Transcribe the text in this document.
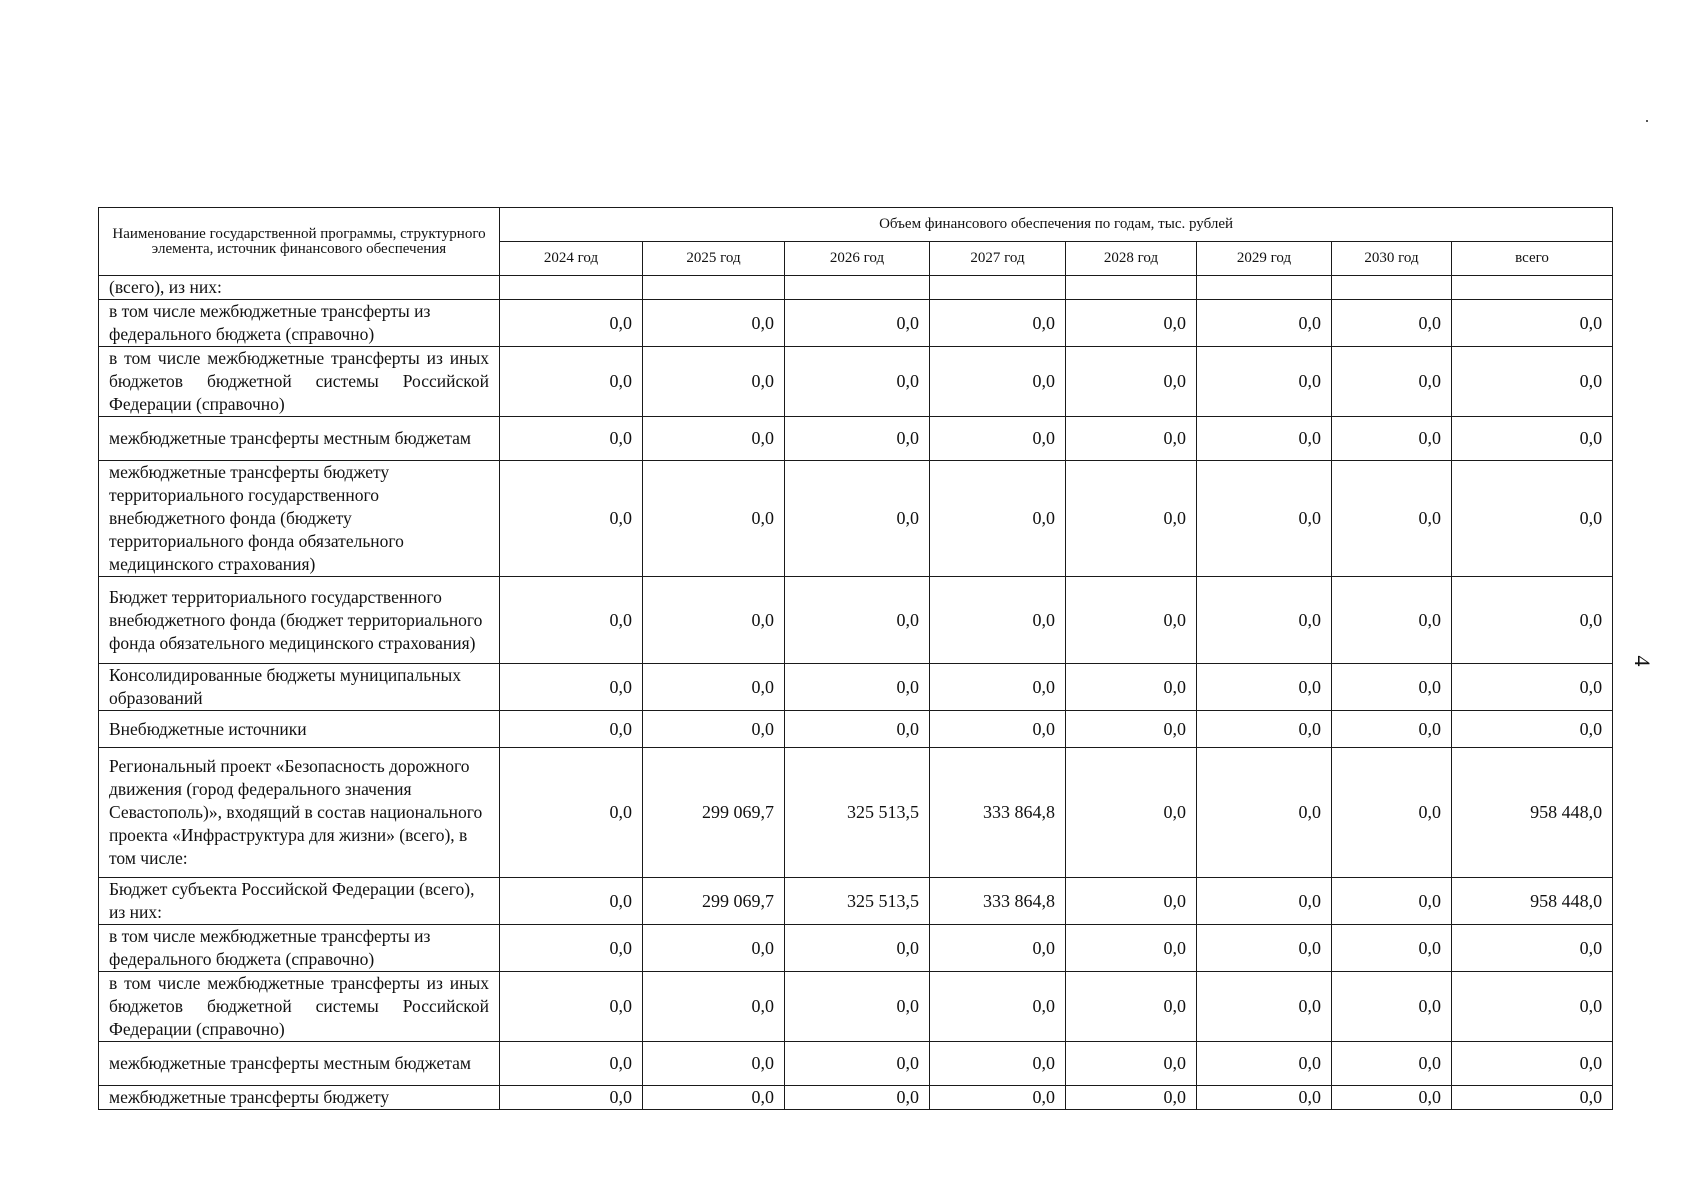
4
Наименование государственной программы, структурного элемента, источник финансового обеспечения	Объем финансового обеспечения по годам, тыс. рублей							
	2024 год	2025 год	2026 год	2027 год	2028 год	2029 год	2030 год	всего
(всего), из них:								
в том числе межбюджетные трансферты из федерального бюджета (справочно)	0,0	0,0	0,0	0,0	0,0	0,0	0,0	0,0
в том числе межбюджетные трансферты из иных бюджетов бюджетной системы Российской Федерации (справочно)	0,0	0,0	0,0	0,0	0,0	0,0	0,0	0,0
межбюджетные трансферты местным бюджетам	0,0	0,0	0,0	0,0	0,0	0,0	0,0	0,0
межбюджетные трансферты бюджету территориального государственного внебюджетного фонда (бюджету территориального фонда обязательного медицинского страхования)	0,0	0,0	0,0	0,0	0,0	0,0	0,0	0,0
Бюджет территориального государственного внебюджетного фонда (бюджет территориального фонда обязательного медицинского страхования)	0,0	0,0	0,0	0,0	0,0	0,0	0,0	0,0
Консолидированные бюджеты муниципальных образований	0,0	0,0	0,0	0,0	0,0	0,0	0,0	0,0
Внебюджетные источники	0,0	0,0	0,0	0,0	0,0	0,0	0,0	0,0
Региональный проект «Безопасность дорожного движения (город федерального значения Севастополь)», входящий в состав национального проекта «Инфраструктура для жизни» (всего), в том числе:	0,0	299 069,7	325 513,5	333 864,8	0,0	0,0	0,0	958 448,0
Бюджет субъекта Российской Федерации (всего), из них:	0,0	299 069,7	325 513,5	333 864,8	0,0	0,0	0,0	958 448,0
в том числе межбюджетные трансферты из федерального бюджета (справочно)	0,0	0,0	0,0	0,0	0,0	0,0	0,0	0,0
в том числе межбюджетные трансферты из иных бюджетов бюджетной системы Российской Федерации (справочно)	0,0	0,0	0,0	0,0	0,0	0,0	0,0	0,0
межбюджетные трансферты местным бюджетам	0,0	0,0	0,0	0,0	0,0	0,0	0,0	0,0
межбюджетные трансферты бюджету	0,0	0,0	0,0	0,0	0,0	0,0	0,0	0,0
